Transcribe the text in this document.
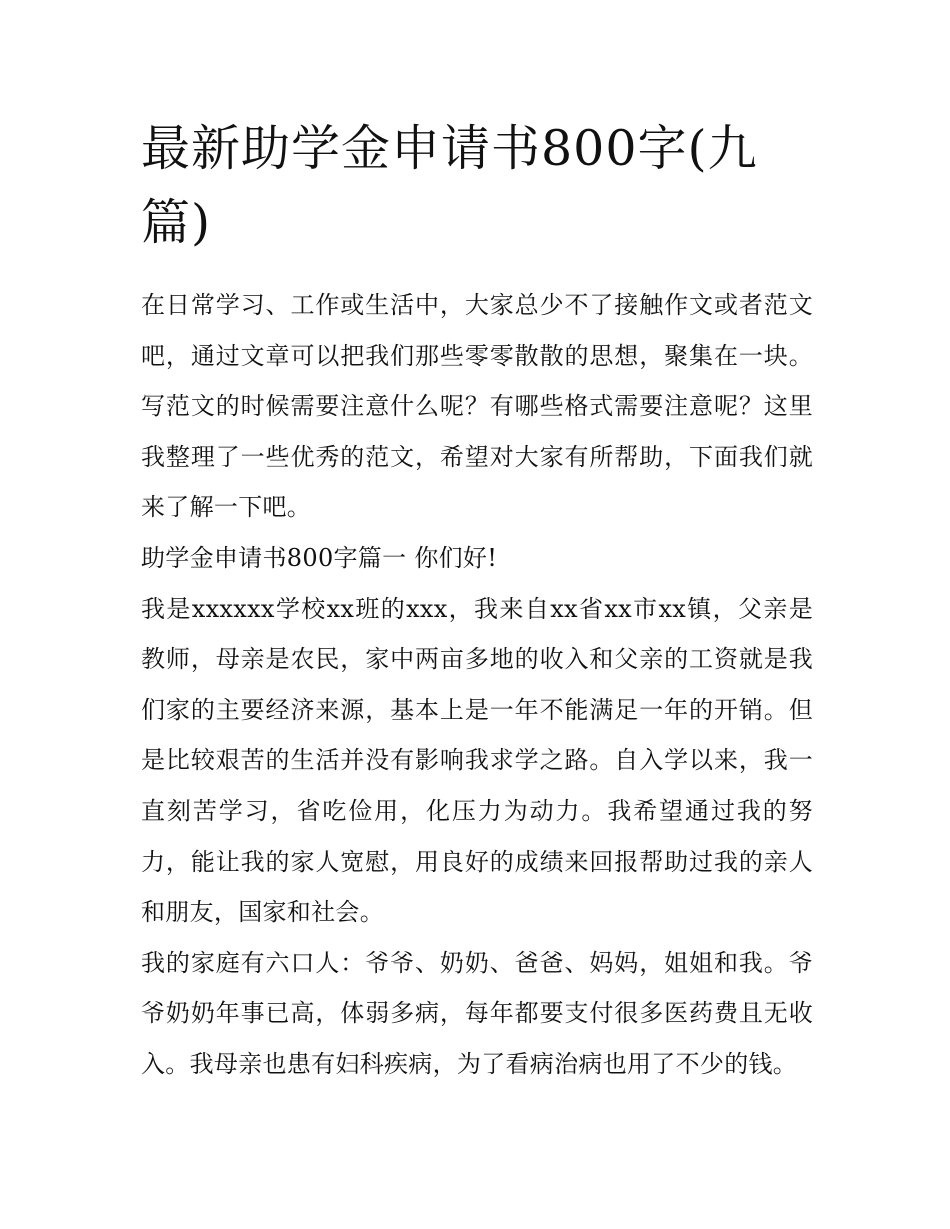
最新助学金申请书800字(九篇)

在日常学习、工作或生活中，大家总少不了接触作文或者范文吧，通过文章可以把我们那些零零散散的思想，聚集在一块。写范文的时候需要注意什么呢？有哪些格式需要注意呢？这里我整理了一些优秀的范文，希望对大家有所帮助，下面我们就来了解一下吧。

助学金申请书800字篇一 你们好!

我是xxxxxx学校xx班的xxx，我来自xx省xx市xx镇，父亲是教师，母亲是农民，家中两亩多地的收入和父亲的工资就是我们家的主要经济来源，基本上是一年不能满足一年的开销。但是比较艰苦的生活并没有影响我求学之路。自入学以来，我一直刻苦学习，省吃俭用，化压力为动力。我希望通过我的努力，能让我的家人宽慰，用良好的成绩来回报帮助过我的亲人和朋友，国家和社会。

我的家庭有六口人：爷爷、奶奶、爸爸、妈妈，姐姐和我。爷爷奶奶年事已高，体弱多病，每年都要支付很多医药费且无收入。我母亲也患有妇科疾病，为了看病治病也用了不少的钱。
